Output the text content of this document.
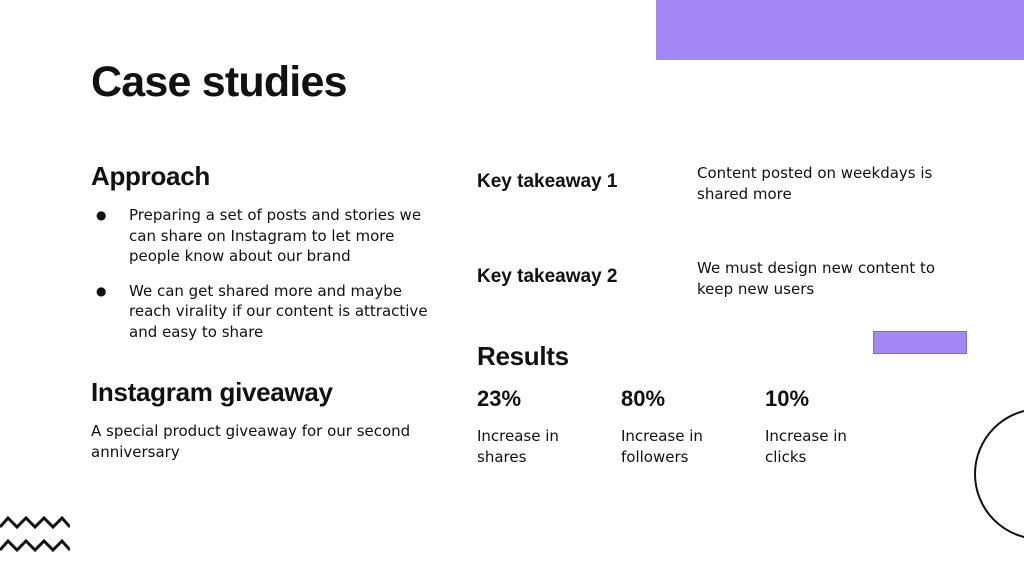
Case studies
Approach
● Preparing a set of posts and stories we can share on Instagram to let more people know about our brand
● We can get shared more and maybe reach virality if our content is attractive and easy to share
Instagram giveaway

A special product giveaway for our second anniversary

Key takeaway 1	Content posted on weekdays is shared more

Key takeaway 2	We must design new content to keep new users

Results

23%

Increase in shares

80%

Increase in followers

10%

Increase in clicks
